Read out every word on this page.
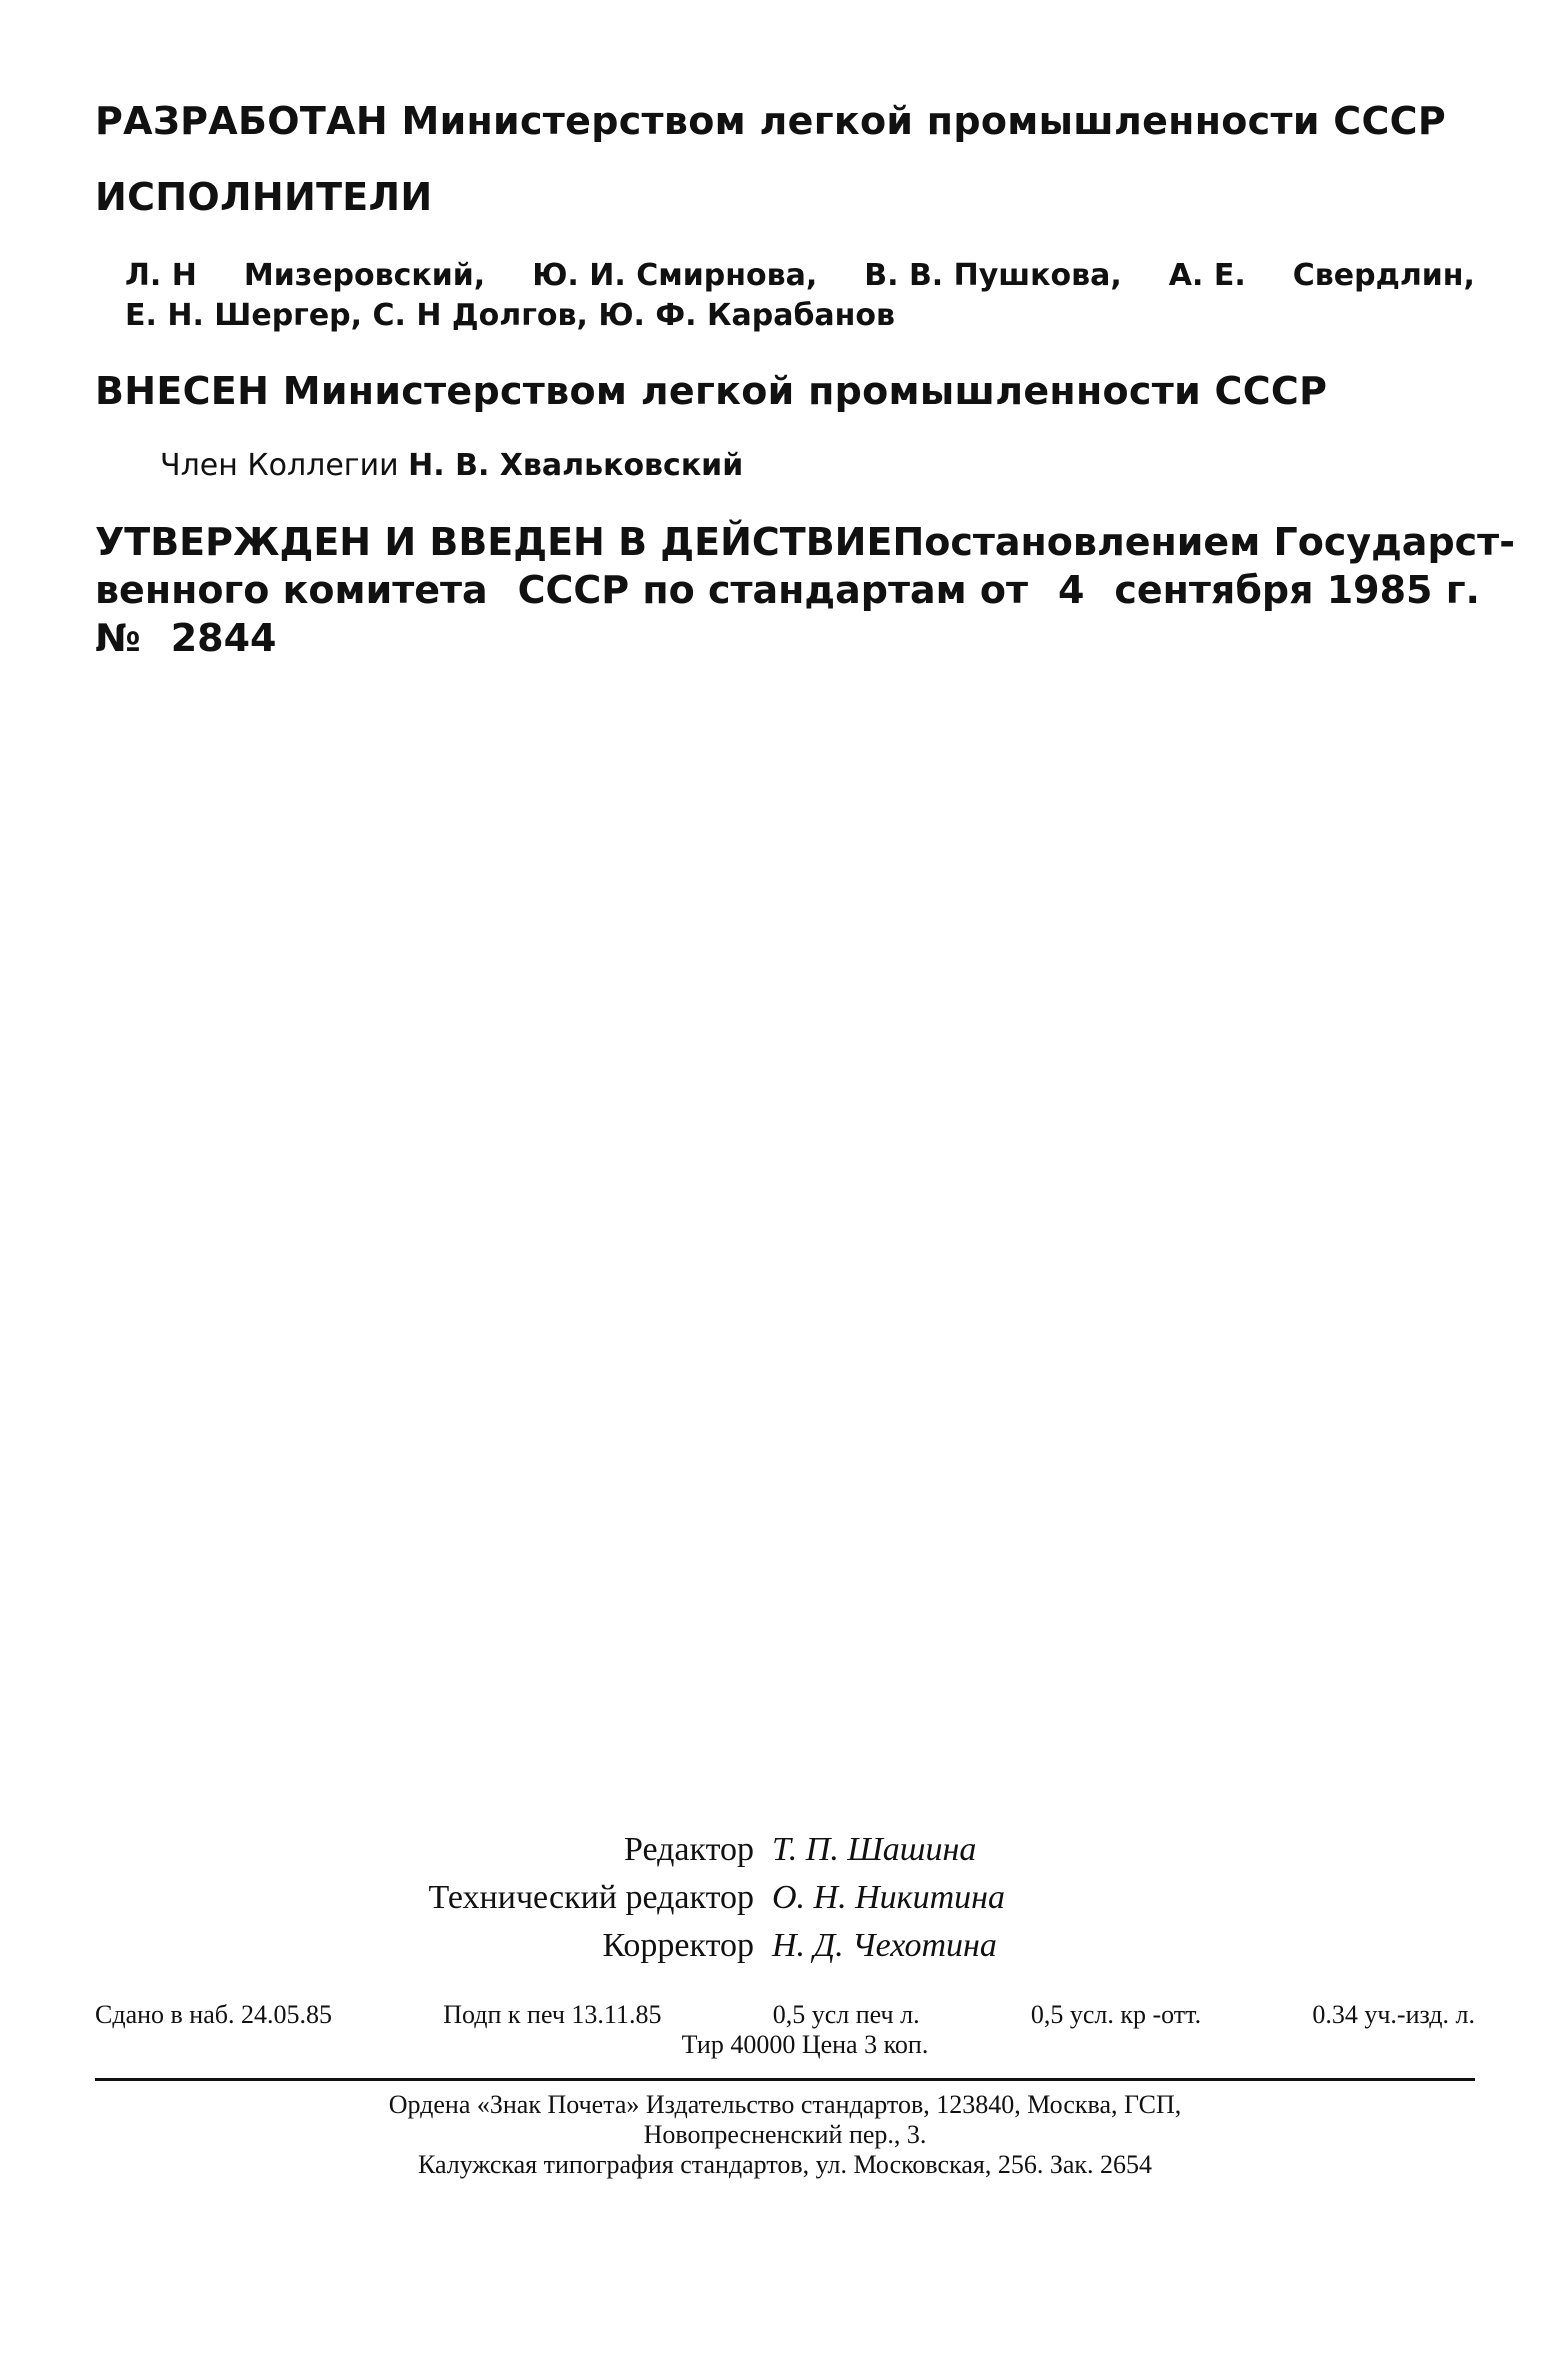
РАЗРАБОТАН Министерством легкой промышленности СССР
ИСПОЛНИТЕЛИ
Л. Н Мизеровский, Ю. И. Смирнова, В. В. Пушкова, А. Е. Свердлин,
Е. Н. Шергер, С. Н Долгов, Ю. Ф. Карабанов
ВНЕСЕН Министерством легкой промышленности СССР
Член Коллегии Н. В. Хвальковский
УТВЕРЖДЕН И ВВЕДЕН В ДЕЙСТВИЕ Постановлением Государст-
венного комитета СССР по стандартам от 4 сентября 1985 г.
№ 2844
Редактор Т. П. Шашина
Технический редактор О. Н. Никитина
Корректор Н. Д. Чехотина
Сдано в наб. 24.05.85	Подп к печ 13.11.85	0,5 усл печ л.	0,5 усл. кр -отт.	0.34 уч.-изд. л.
Тир 40000 Цена 3 коп.
Ордена «Знак Почета» Издательство стандартов, 123840, Москва, ГСП,
Новопресненский пер., 3.
Калужская типография стандартов, ул. Московская, 256. Зак. 2654
